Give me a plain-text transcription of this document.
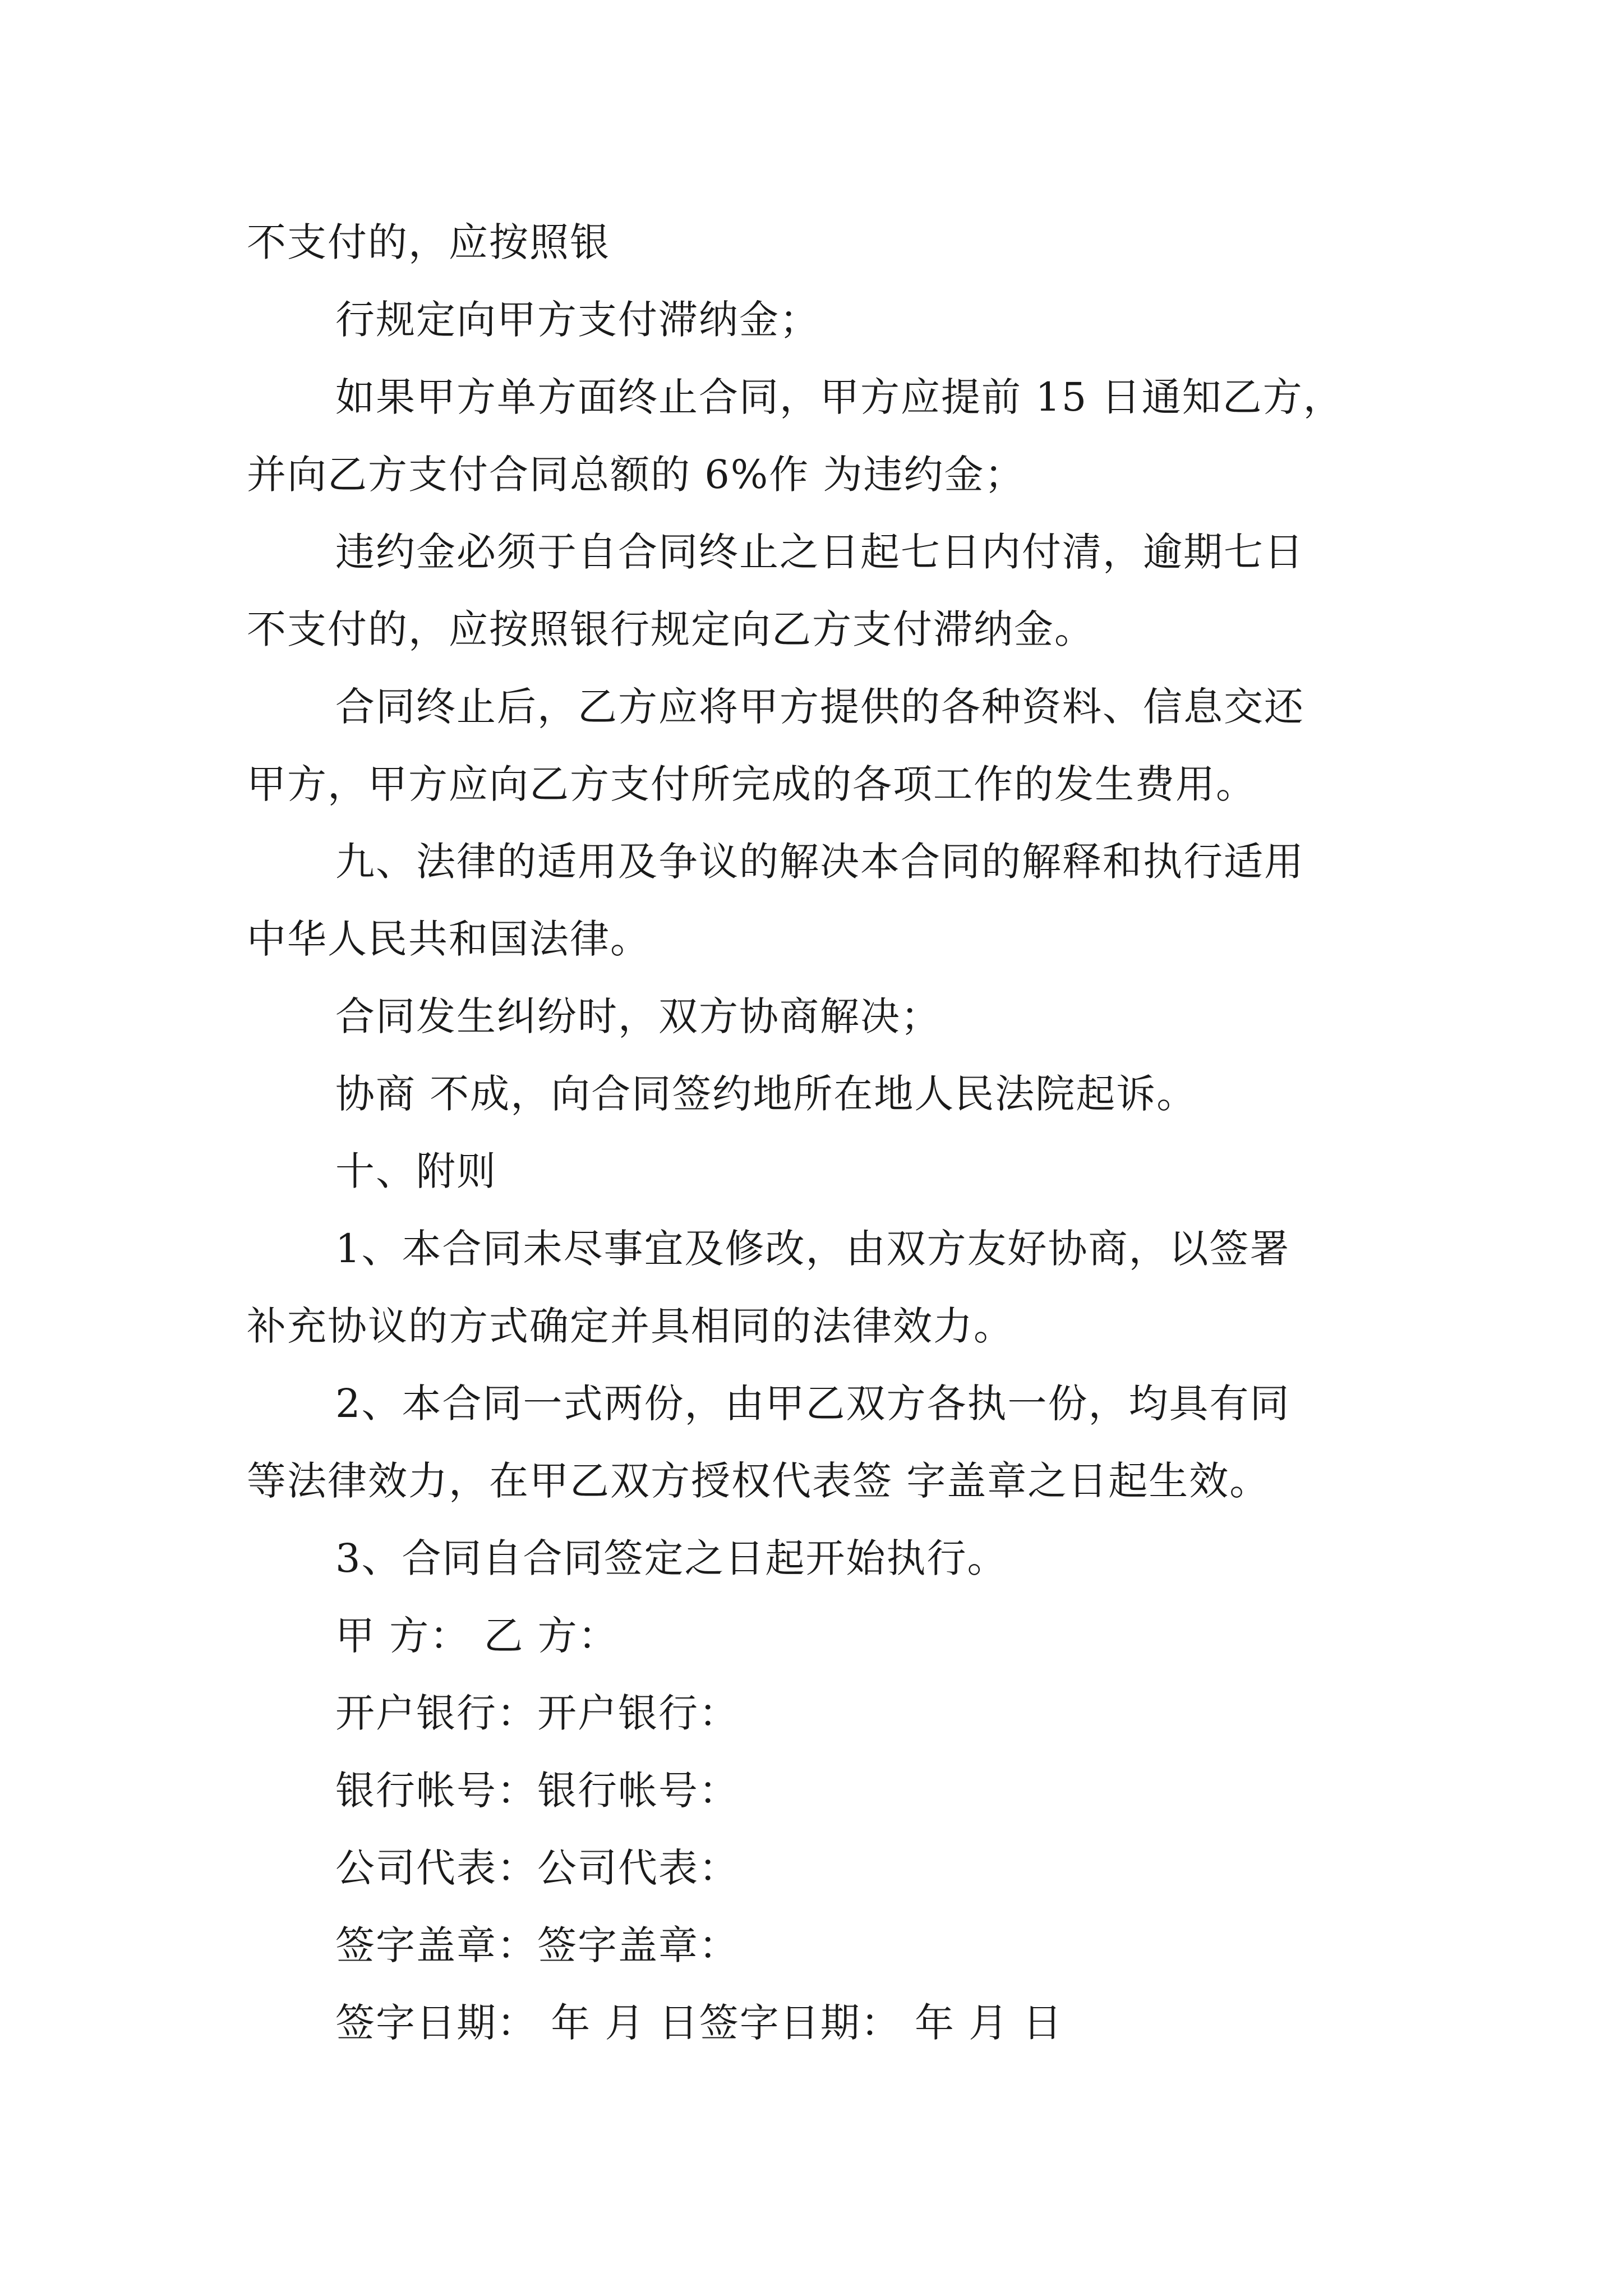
不支付的，应按照银
行规定向甲方支付滞纳金；
如果甲方单方面终止合同，甲方应提前 15 日通知乙方，
并向乙方支付合同总额的 6%作 为违约金；
违约金必须于自合同终止之日起七日内付清，逾期七日
不支付的，应按照银行规定向乙方支付滞纳金。
合同终止后，乙方应将甲方提供的各种资料、信息交还
甲方，甲方应向乙方支付所完成的各项工作的发生费用。
九、法律的适用及争议的解决本合同的解释和执行适用
中华人民共和国法律。
合同发生纠纷时，双方协商解决；
协商 不成，向合同签约地所在地人民法院起诉。
十、附则
1、本合同未尽事宜及修改，由双方友好协商，以签署
补充协议的方式确定并具相同的法律效力。
2、本合同一式两份，由甲乙双方各执一份，均具有同
等法律效力，在甲乙双方授权代表签 字盖章之日起生效。
3、合同自合同签定之日起开始执行。
甲 方： 乙 方：
开户银行：开户银行：
银行帐号：银行帐号：
公司代表：公司代表：
签字盖章：签字盖章：
签字日期： 年 月 日签字日期： 年 月 日
